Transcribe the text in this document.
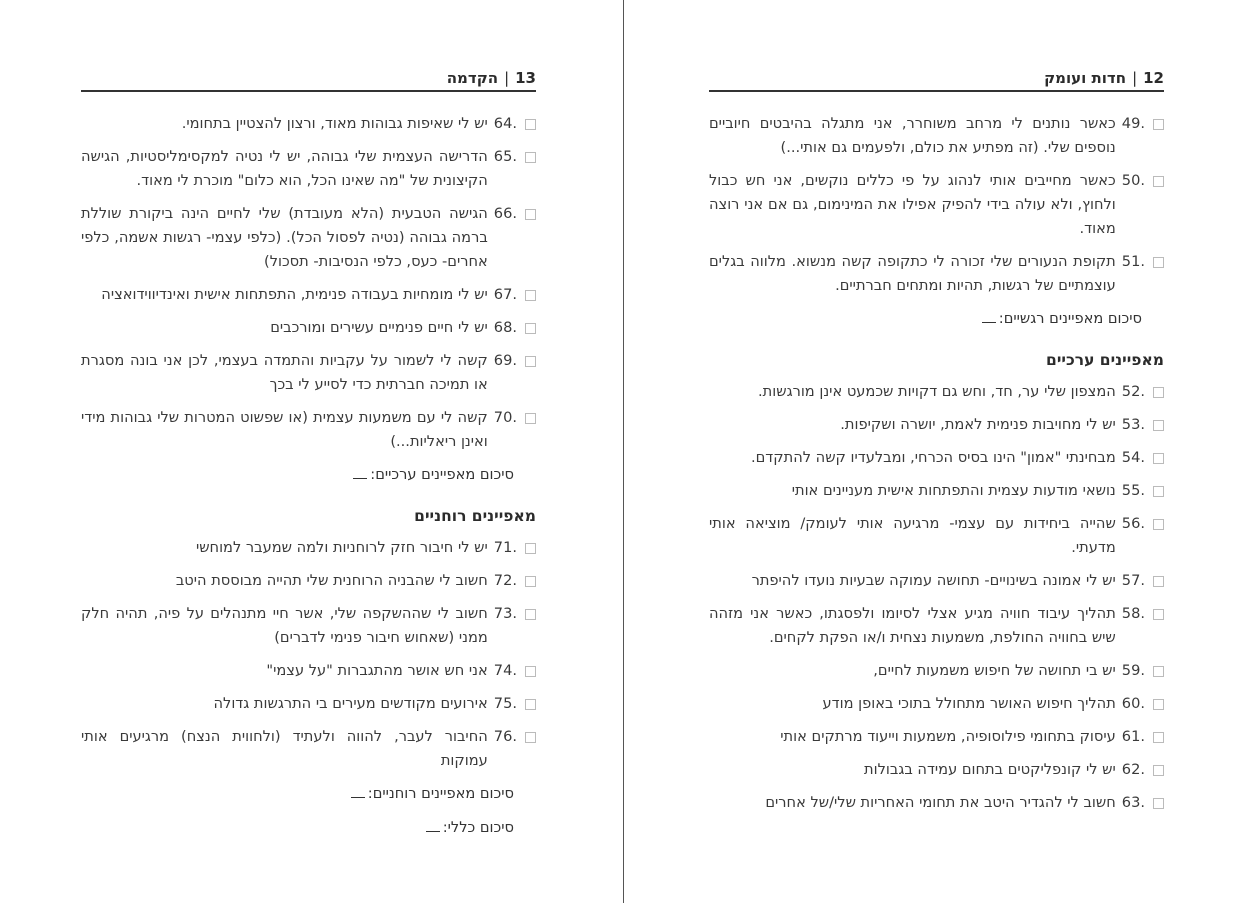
12|חדות ועומק
49.
כאשר נותנים לי מרחב משוחרר, אני מתגלה בהיבטים חיוביים נוספים שלי. (זה מפתיע את כולם, ולפעמים גם אותי...)
50.
כאשר מחייבים אותי לנהוג על פי כללים נוקשים, אני חש כבול ולחוץ, ולא עולה בידי להפיק אפילו את המינימום, גם אם אני רוצה מאוד.
51.
תקופת הנעורים שלי זכורה לי כתקופה קשה מנשוא. מלווה בגלים עוצמתיים של רגשות, תהיות ומתחים חברתיים.
סיכום מאפיינים רגשיים:
מאפיינים ערכיים
52.
המצפון שלי ער, חד, וחש גם דקויות שכמעט אינן מורגשות.
53.
יש לי מחויבות פנימית לאמת, יושרה ושקיפות.
54.
מבחינתי "אמון" הינו בסיס הכרחי, ומבלעדיו קשה להתקדם.
55.
נושאי מודעות עצמית והתפתחות אישית מעניינים אותי
56.
שהייה ביחידות עם עצמי- מרגיעה אותי לעומק/ מוציאה אותי מדעתי.
57.
יש לי אמונה בשינויים- תחושה עמוקה שבעיות נועדו להיפתר
58.
תהליך עיבוד חוויה מגיע אצלי לסיומו ולפסגתו, כאשר אני מזהה שיש בחוויה החולפת, משמעות נצחית ו/או הפקת לקחים.
59.
יש בי תחושה של חיפוש משמעות לחיים,
60.
תהליך חיפוש האושר מתחולל בתוכי באופן מודע
61.
עיסוק בתחומי פילוסופיה, משמעות וייעוד מרתקים אותי
62.
יש לי קונפליקטים בתחום עמידה בגבולות
63.
חשוב לי להגדיר היטב את תחומי האחריות שלי/של אחרים
13|הקדמה
64.
יש לי שאיפות גבוהות מאוד, ורצון להצטיין בתחומי.
65.
הדרישה העצמית שלי גבוהה, יש לי נטיה למקסימליסטיות, הגישה הקיצונית של "מה שאינו הכל, הוא כלום" מוכרת לי מאוד.
66.
הגישה הטבעית (הלא מעובדת) שלי לחיים הינה ביקורת שוללת ברמה גבוהה (נטיה לפסול הכל). (כלפי עצמי- רגשות אשמה, כלפי אחרים- כעס, כלפי הנסיבות- תסכול)
67.
יש לי מומחיות בעבודה פנימית, התפתחות אישית ואינדיווידואציה
68.
יש לי חיים פנימיים עשירים ומורכבים
69.
קשה לי לשמור על עקביות והתמדה בעצמי, לכן אני בונה מסגרת או תמיכה חברתית כדי לסייע לי בכך
70.
קשה לי עם משמעות עצמית (או שפשוט המטרות שלי גבוהות מידי ואינן ריאליות...)
סיכום מאפיינים ערכיים:
מאפיינים רוחניים
71.
יש לי חיבור חזק לרוחניות ולמה שמעבר למוחשי
72.
חשוב לי שהבניה הרוחנית שלי תהייה מבוססת היטב
73.
חשוב לי שההשקפה שלי, אשר חיי מתנהלים על פיה, תהיה חלק ממני (שאחוש חיבור פנימי לדברים)
74.
אני חש אושר מהתגברות "על עצמי"
75.
אירועים מקודשים מעירים בי התרגשות גדולה
76.
החיבור לעבר, להווה ולעתיד (ולחווית הנצח) מרגיעים אותי עמוקות
סיכום מאפיינים רוחניים:
סיכום כללי:
